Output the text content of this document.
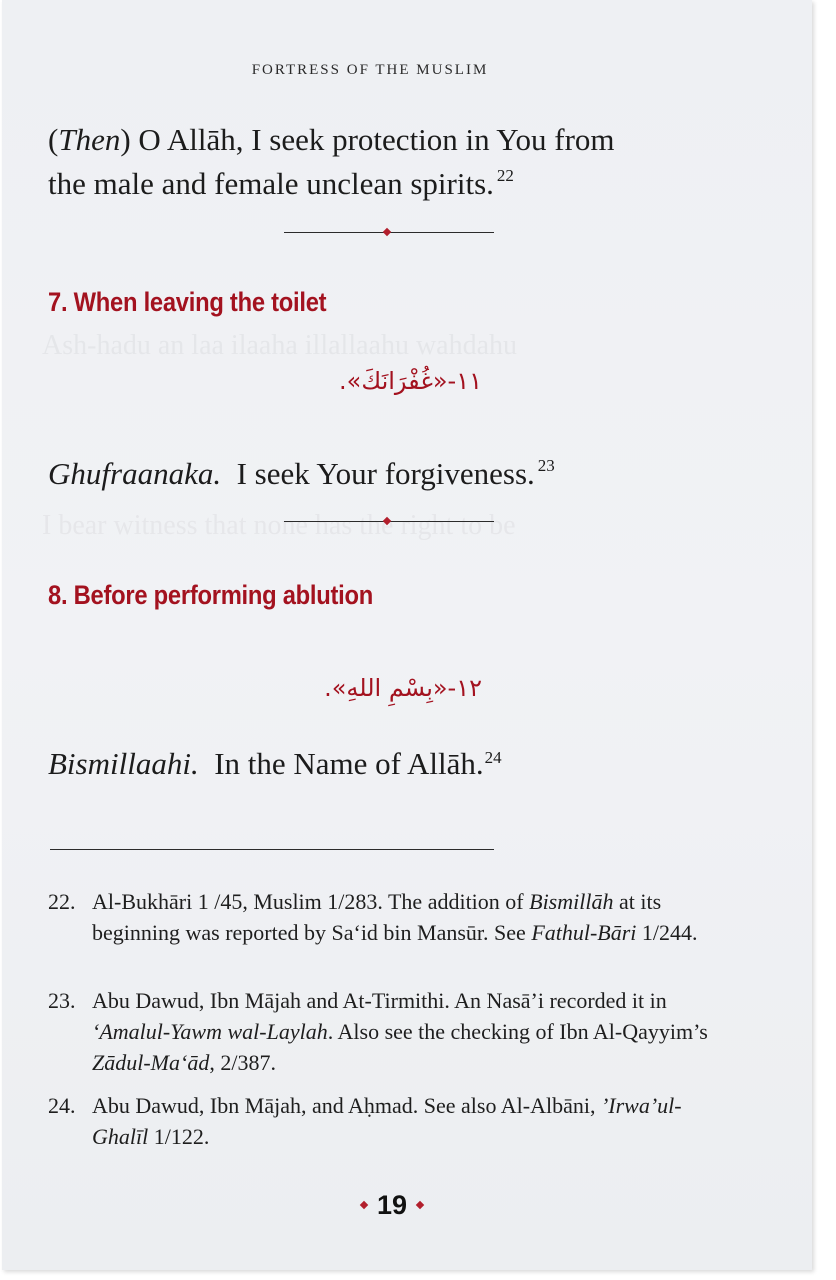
Ash-hadu an laa ilaaha illallaahu wahdahu
I bear witness that none has the right to be
FORTRESS OF THE MUSLIM
(Then) O Allāh, I seek protection in You from
the male and female unclean spirits. $^{22}$
7. When leaving the toilet
١١-«غُفْرَانَكَ».
Ghufraanaka. I seek Your forgiveness. $^{23}$
8. Before performing ablution
١٢-«بِسْمِ اللهِ».
Bismillaahi. In the Name of Allāh.$^{24}$
22. Al-Bukhāri 1 /45, Muslim 1/283. The addition of Bismillāh at its beginning was reported by Sa‘id bin Mansūr. See Fathul-Bāri 1/244.
23. Abu Dawud, Ibn Mājah and At-Tirmithi. An Nasā’i recorded it in ‘Amalul-Yawm wal-Laylah. Also see the checking of Ibn Al-Qayyim’s Zādul-Ma‘ād, 2/387.
24. Abu Dawud, Ibn Mājah, and Aḥmad. See also Al-Albāni, ’Irwa’ul-Ghalīl 1/122.
19
